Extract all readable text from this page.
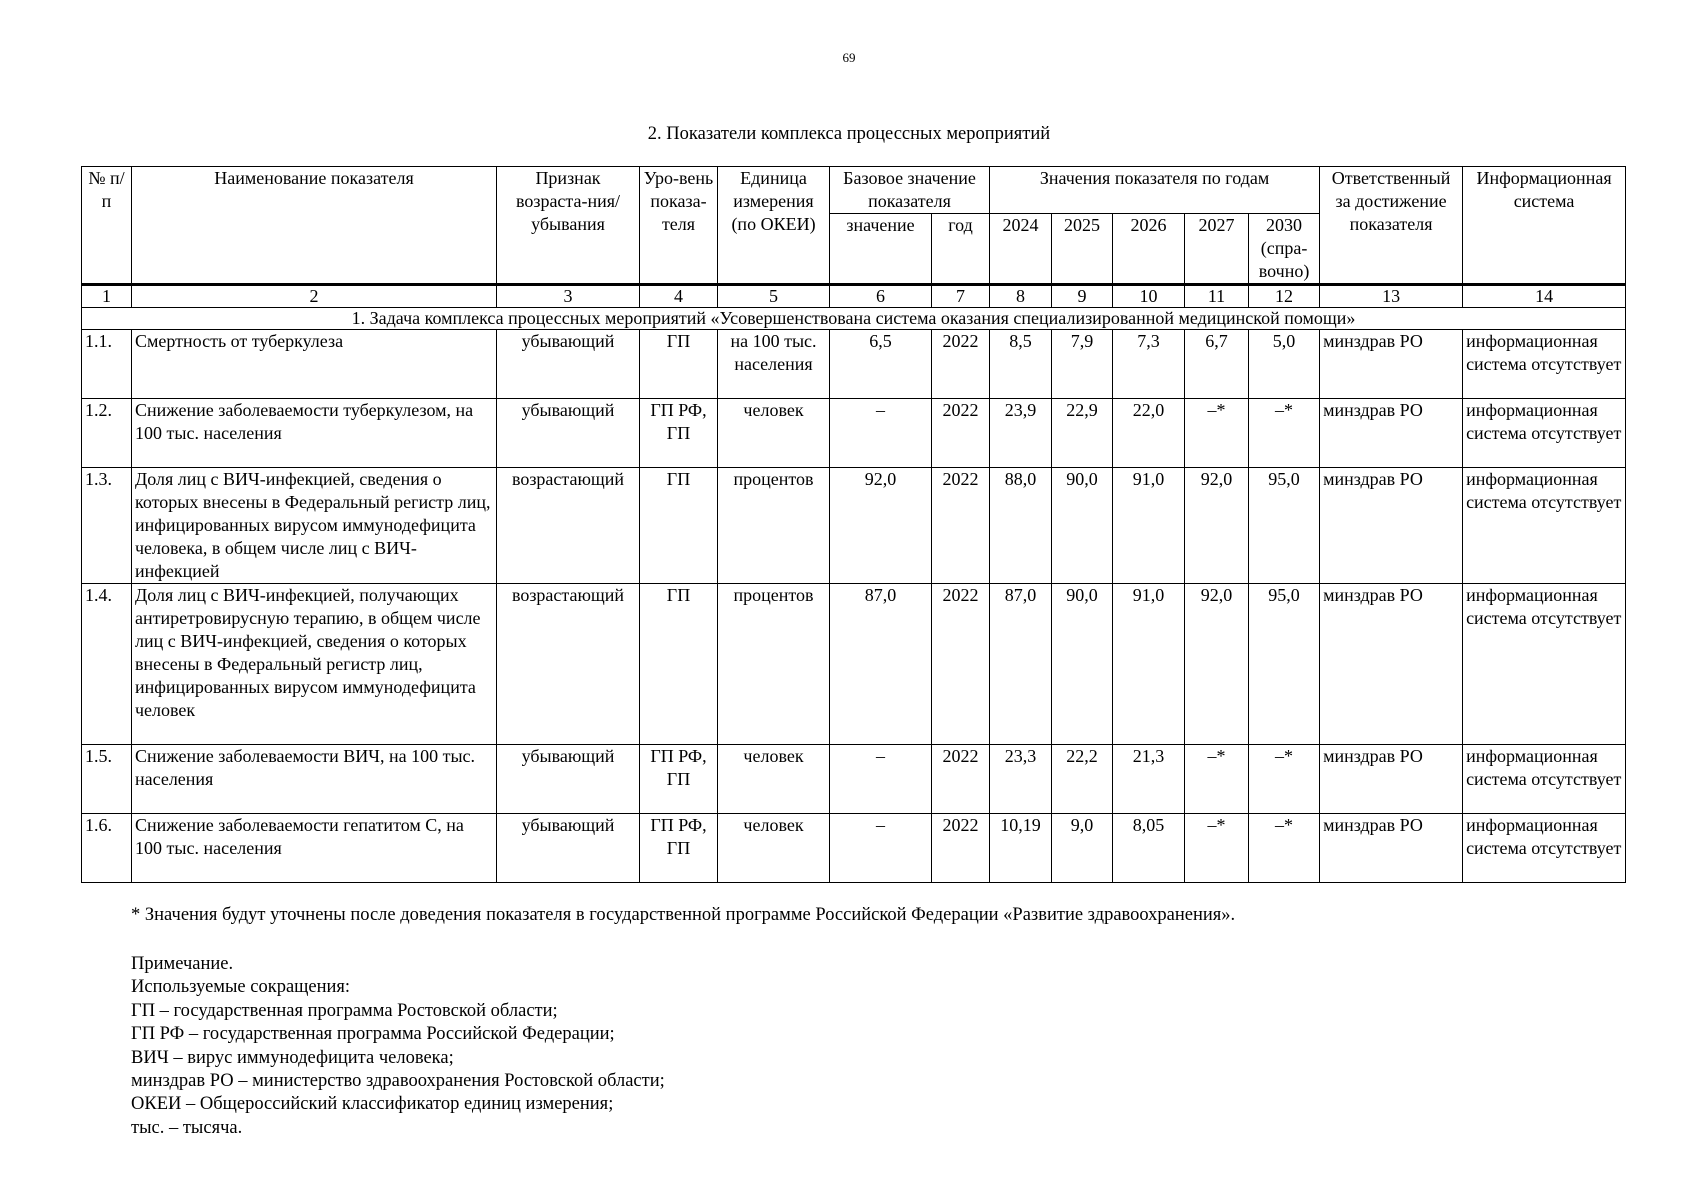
69
2. Показатели комплекса процессных мероприятий
№ п/п	Наименование показателя	Признак возраста-ния/убывания	Уро-вень показа-теля	Единица измерения (по ОКЕИ)	Базовое значение показателя		Значения показателя по годам					Ответственный за достижение показателя	Информационная система
					значение	год	2024	2025	2026	2027	2030 (спра-вочно)		
1	2	3	4	5	6	7	8	9	10	11	12	13	14
1. Задача комплекса процессных мероприятий «Усовершенствована система оказания специализированной медицинской помощи»													
1.1.	Смертность от туберкулеза	убывающий	ГП	на 100 тыс. населения	6,5	2022	8,5	7,9	7,3	6,7	5,0	минздрав РО	информационная система отсутствует
1.2.	Снижение заболеваемости туберкулезом, на 100 тыс. населения	убывающий	ГП РФ, ГП	человек	–	2022	23,9	22,9	22,0	–*	–*	минздрав РО	информационная система отсутствует
1.3.	Доля лиц с ВИЧ-инфекцией, сведения о которых внесены в Федеральный регистр лиц, инфицированных вирусом иммунодефицита человека, в общем числе лиц с ВИЧ-инфекцией	возрастающий	ГП	процентов	92,0	2022	88,0	90,0	91,0	92,0	95,0	минздрав РО	информационная система отсутствует
1.4.	Доля лиц с ВИЧ-инфекцией, получающих антиретровирусную терапию, в общем числе лиц с ВИЧ-инфекцией, сведения о которых внесены в Федеральный регистр лиц, инфицированных вирусом иммунодефицита человек	возрастающий	ГП	процентов	87,0	2022	87,0	90,0	91,0	92,0	95,0	минздрав РО	информационная система отсутствует
1.5.	Снижение заболеваемости ВИЧ, на 100 тыс. населения	убывающий	ГП РФ, ГП	человек	–	2022	23,3	22,2	21,3	–*	–*	минздрав РО	информационная система отсутствует
1.6.	Снижение заболеваемости гепатитом С, на 100 тыс. населения	убывающий	ГП РФ, ГП	человек	–	2022	10,19	9,0	8,05	–*	–*	минздрав РО	информационная система отсутствует
* Значения будут уточнены после доведения показателя в государственной программе Российской Федерации «Развитие здравоохранения».
Примечание.
Используемые сокращения:
ГП – государственная программа Ростовской области;
ГП РФ – государственная программа Российской Федерации;
ВИЧ – вирус иммунодефицита человека;
минздрав РО – министерство здравоохранения Ростовской области;
ОКЕИ – Общероссийский классификатор единиц измерения;
тыс. – тысяча.
